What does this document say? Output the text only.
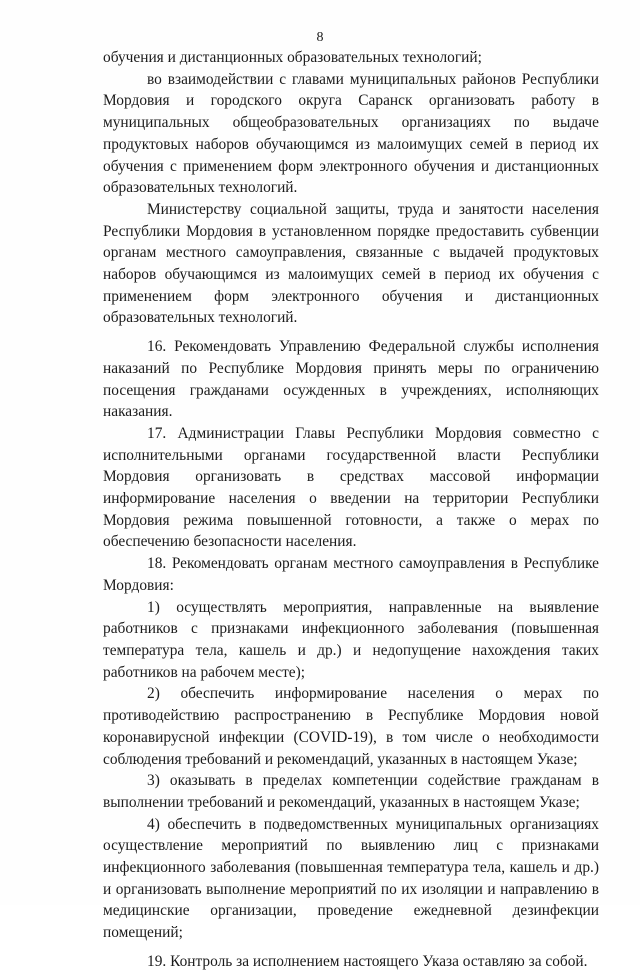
8

обучения и дистанционных образовательных технологий;

во взаимодействии с главами муниципальных районов Республики Мордовия и городского округа Саранск организовать работу в муниципальных общеобразовательных организациях по выдаче продуктовых наборов обучающимся из малоимущих семей в период их обучения с применением форм электронного обучения и дистанционных образовательных технологий.

Министерству социальной защиты, труда и занятости населения Республики Мордовия в установленном порядке предоставить субвенции органам местного самоуправления, связанные с выдачей продуктовых наборов обучающимся из малоимущих семей в период их обучения с применением форм электронного обучения и дистанционных образовательных технологий.

16. Рекомендовать Управлению Федеральной службы исполнения наказаний по Республике Мордовия принять меры по ограничению посещения гражданами осужденных в учреждениях, исполняющих наказания.

17. Администрации Главы Республики Мордовия совместно с исполнительными органами государственной власти Республики Мордовия организовать в средствах массовой информации информирование населения о введении на территории Республики Мордовия режима повышенной готовности, а также о мерах по обеспечению безопасности населения.

18. Рекомендовать органам местного самоуправления в Республике Мордовия:

1) осуществлять мероприятия, направленные на выявление работников с признаками инфекционного заболевания (повышенная температура тела, кашель и др.) и недопущение нахождения таких работников на рабочем месте);

2) обеспечить информирование населения о мерах по противодействию распространению в Республике Мордовия новой коронавирусной инфекции (COVID-19), в том числе о необходимости соблюдения требований и рекомендаций, указанных в настоящем Указе;

3) оказывать в пределах компетенции содействие гражданам в выполнении требований и рекомендаций, указанных в настоящем Указе;

4) обеспечить в подведомственных муниципальных организациях осуществление мероприятий по выявлению лиц с признаками инфекционного заболевания (повышенная температура тела, кашель и др.) и организовать выполнение мероприятий по их изоляции и направлению в медицинские организации, проведение ежедневной дезинфекции помещений;

19. Контроль за исполнением настоящего Указа оставляю за собой.
